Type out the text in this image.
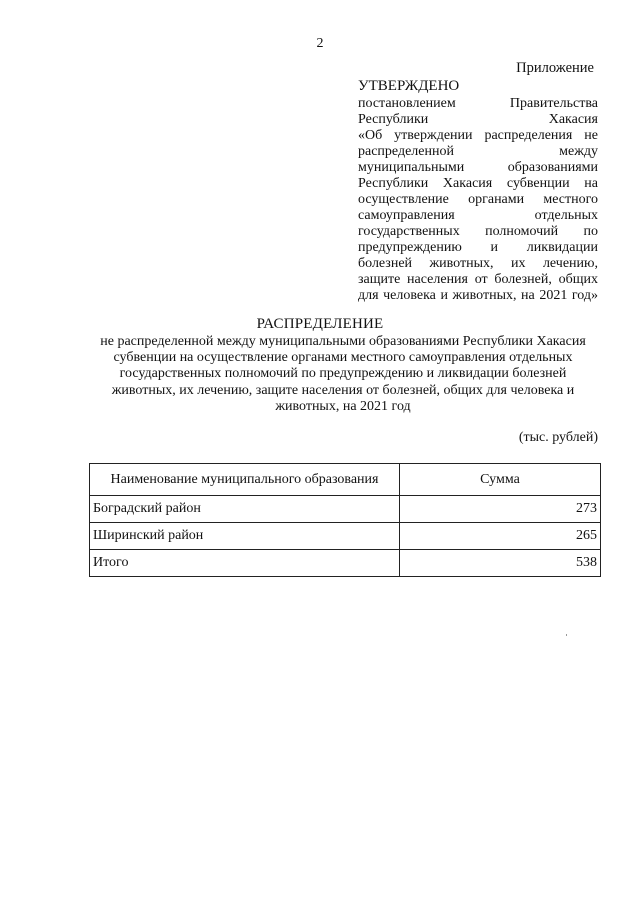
2
Приложение
УТВЕРЖДЕНО
постановлением Правительства
Республики Хакасия
«Об утверждении распределения не
распределенной между
муниципальными образованиями
Республики Хакасия субвенции на
осуществление органами местного
самоуправления отдельных
государственных полномочий по
предупреждению и ликвидации
болезней животных, их лечению,
защите населения от болезней, общих
для человека и животных, на 2021 год»
РАСПРЕДЕЛЕНИЕ
не распределенной между муниципальными образованиями Республики Хакасия
субвенции на осуществление органами местного самоуправления отдельных
государственных полномочий по предупреждению и ликвидации болезней
животных, их лечению, защите населения от болезней, общих для человека и
животных, на 2021 год
(тыс. рублей)
Наименование муниципального образования	Сумма
Боградский район	273
Ширинский район	265
Итого	538
